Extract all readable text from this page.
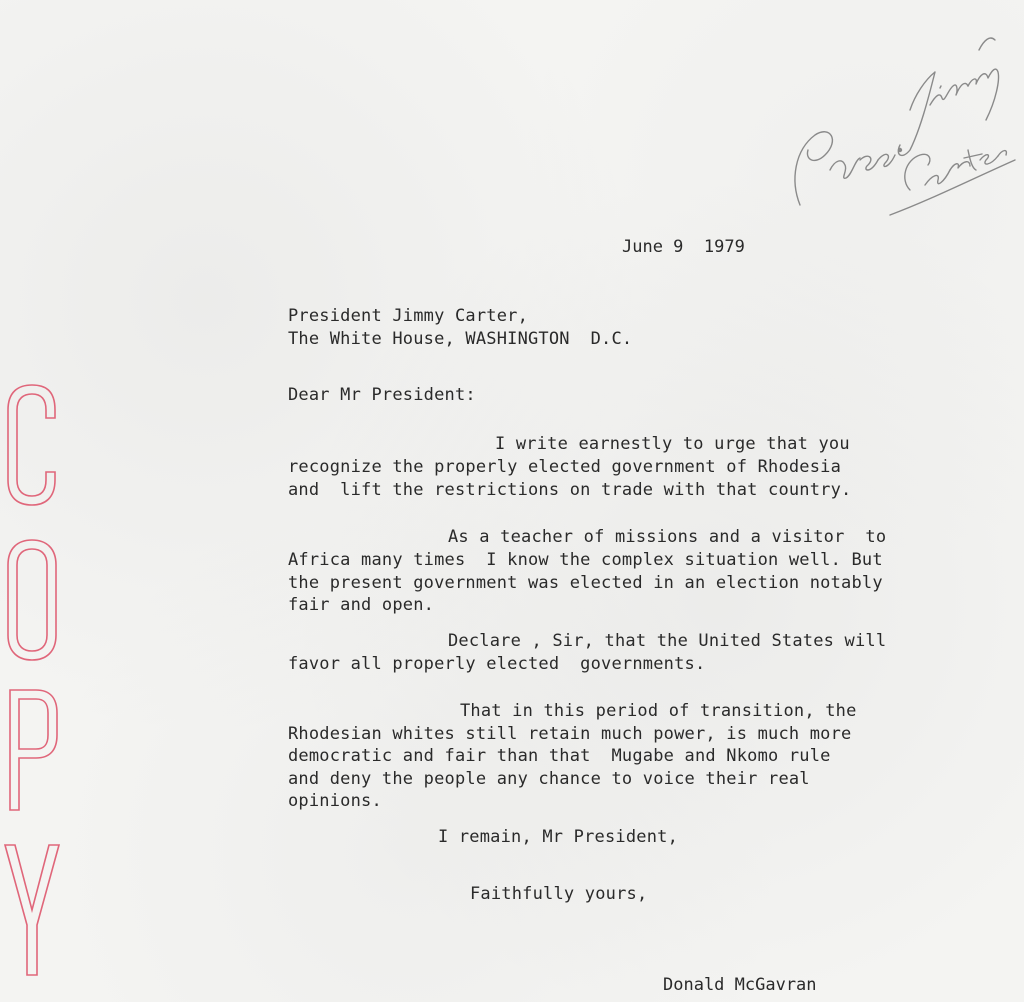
June 9  1979
President Jimmy Carter,
The White House, WASHINGTON  D.C.
Dear Mr President:
I write earnestly to urge that you
recognize the properly elected government of Rhodesia
and  lift the restrictions on trade with that country.
As a teacher of missions and a visitor  to
Africa many times  I know the complex situation well. But
the present government was elected in an election notably
fair and open.
Declare , Sir, that the United States will
favor all properly elected  governments.
That in this period of transition, the
Rhodesian whites still retain much power, is much more
democratic and fair than that  Mugabe and Nkomo rule
and deny the people any chance to voice their real
opinions.
I remain, Mr President,
Faithfully yours,
Donald McGavran
